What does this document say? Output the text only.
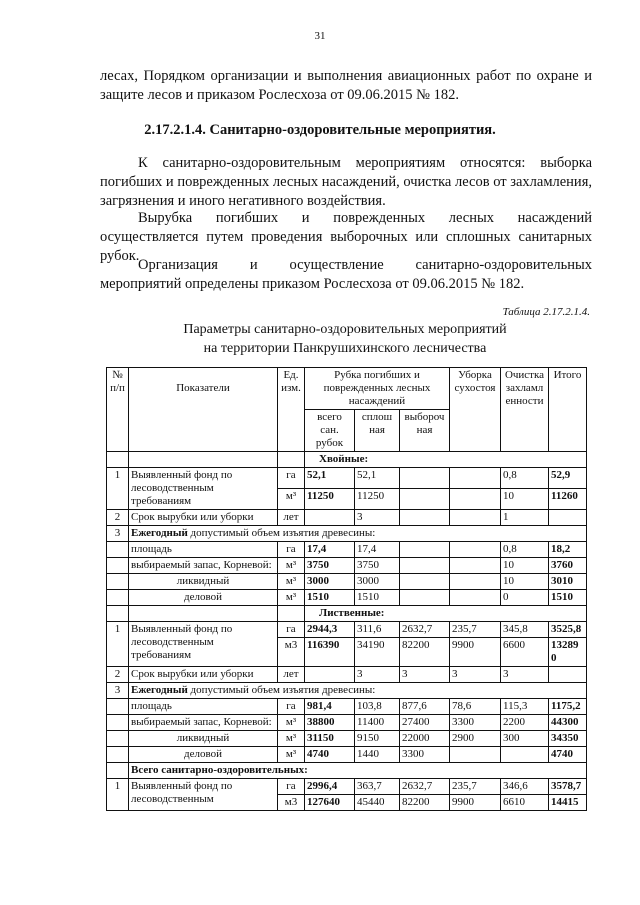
31
лесах, Порядком организации и выполнения авиационных работ по охране и защите лесов и приказом Рослесхоза от 09.06.2015 № 182.
2.17.2.1.4. Санитарно-оздоровительные мероприятия.
К санитарно-оздоровительным мероприятиям относятся: выборка погибших и поврежденных лесных насаждений, очистка лесов от захламления, загрязнения и иного негативного воздействия.
Вырубка погибших и поврежденных лесных насаждений осуществляется путем проведения выборочных или сплошных санитарных рубок.
Организация и осуществление санитарно-оздоровительных мероприятий определены приказом Рослесхоза от 09.06.2015 № 182.
Таблица 2.17.2.1.4.
Параметры санитарно-оздоровительных мероприятий
на территории Панкрушихинского лесничества
№ п/п	Показатели	Ед. изм.	Рубка погибших и поврежденных лесных насаждений			Уборка сухостоя	Очистка захламл енности	Итого
			всего сан. рубок	сплош ная	выбороч ная			
			Хвойные:					
1	Выявленный фонд по лесоводственным требованиям	га	52,1	52,1			0,8	52,9
		м³	11250	11250			10	11260
2	Срок вырубки или уборки	лет		3			1	
3	Ежегодный допустимый объем изъятия древесины:							
	площадь	га	17,4	17,4			0,8	18,2
	выбираемый запас, Корневой:	м³	3750	3750			10	3760
	ликвидный	м³	3000	3000			10	3010
	деловой	м³	1510	1510			0	1510
			Лиственные:					
1	Выявленный фонд по лесоводственным требованиям	га	2944,3	311,6	2632,7	235,7	345,8	3525,8
		м3	116390	34190	82200	9900	6600	13289 0
2	Срок вырубки или уборки	лет		3	3	3	3	
3	Ежегодный допустимый объем изъятия древесины:							
	площадь	га	981,4	103,8	877,6	78,6	115,3	1175,2
	выбираемый запас, Корневой:	м³	38800	11400	27400	3300	2200	44300
	ликвидный	м³	31150	9150	22000	2900	300	34350
	деловой	м³	4740	1440	3300			4740
	Всего санитарно-оздоровительных:							
1	Выявленный фонд по лесоводственным	га	2996,4	363,7	2632,7	235,7	346,6	3578,7
		м3	127640	45440	82200	9900	6610	14415
